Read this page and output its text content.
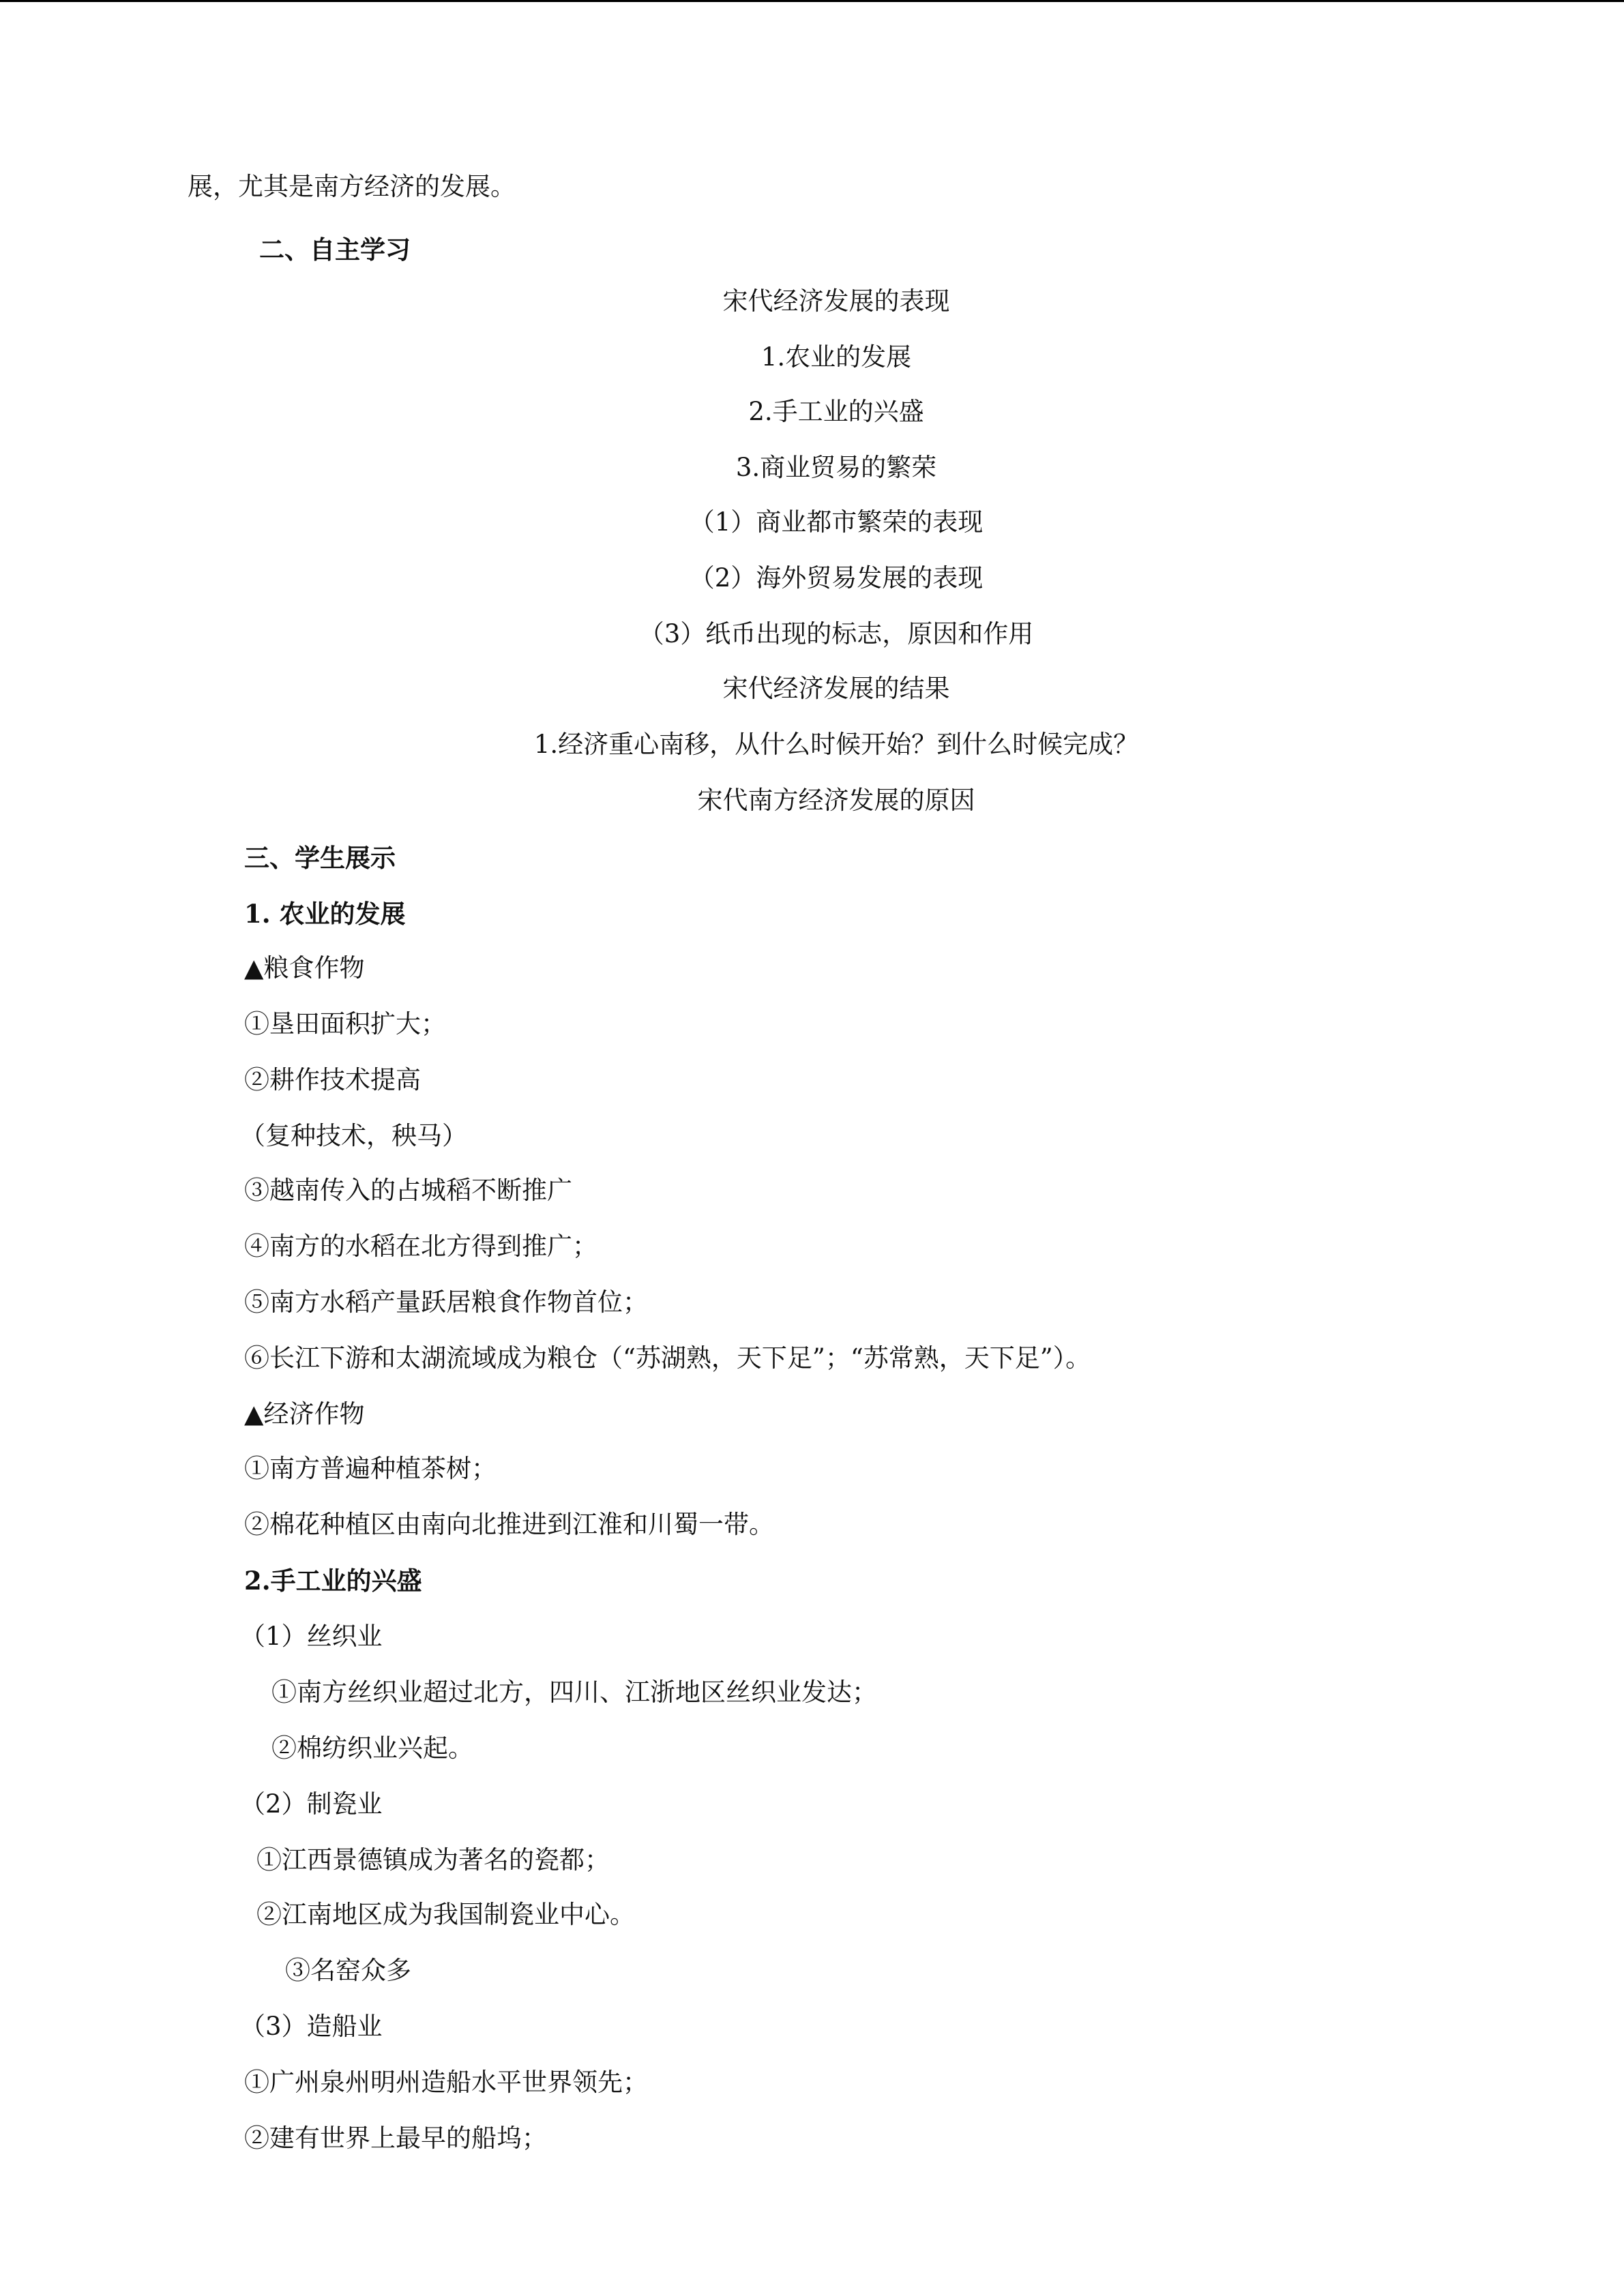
展，尤其是南方经济的发展。
二、自主学习
宋代经济发展的表现
1.农业的发展
2.手工业的兴盛
3.商业贸易的繁荣
（1）商业都市繁荣的表现
（2）海外贸易发展的表现
（3）纸币出现的标志，原因和作用
宋代经济发展的结果
1.经济重心南移，从什么时候开始？到什么时候完成？
宋代南方经济发展的原因
三、学生展示
1. 农业的发展
▲粮食作物
①垦田面积扩大；
②耕作技术提高
（复种技术，秧马）
③越南传入的占城稻不断推广
④南方的水稻在北方得到推广；
⑤南方水稻产量跃居粮食作物首位；
⑥长江下游和太湖流域成为粮仓（“苏湖熟，天下足”；“苏常熟，天下足”）。
▲经济作物
①南方普遍种植茶树；
②棉花种植区由南向北推进到江淮和川蜀一带。
2.手工业的兴盛
（1）丝织业
①南方丝织业超过北方，四川、江浙地区丝织业发达；
②棉纺织业兴起。
（2）制瓷业
①江西景德镇成为著名的瓷都；
②江南地区成为我国制瓷业中心。
③名窑众多
（3）造船业
①广州泉州明州造船水平世界领先；
②建有世界上最早的船坞；
